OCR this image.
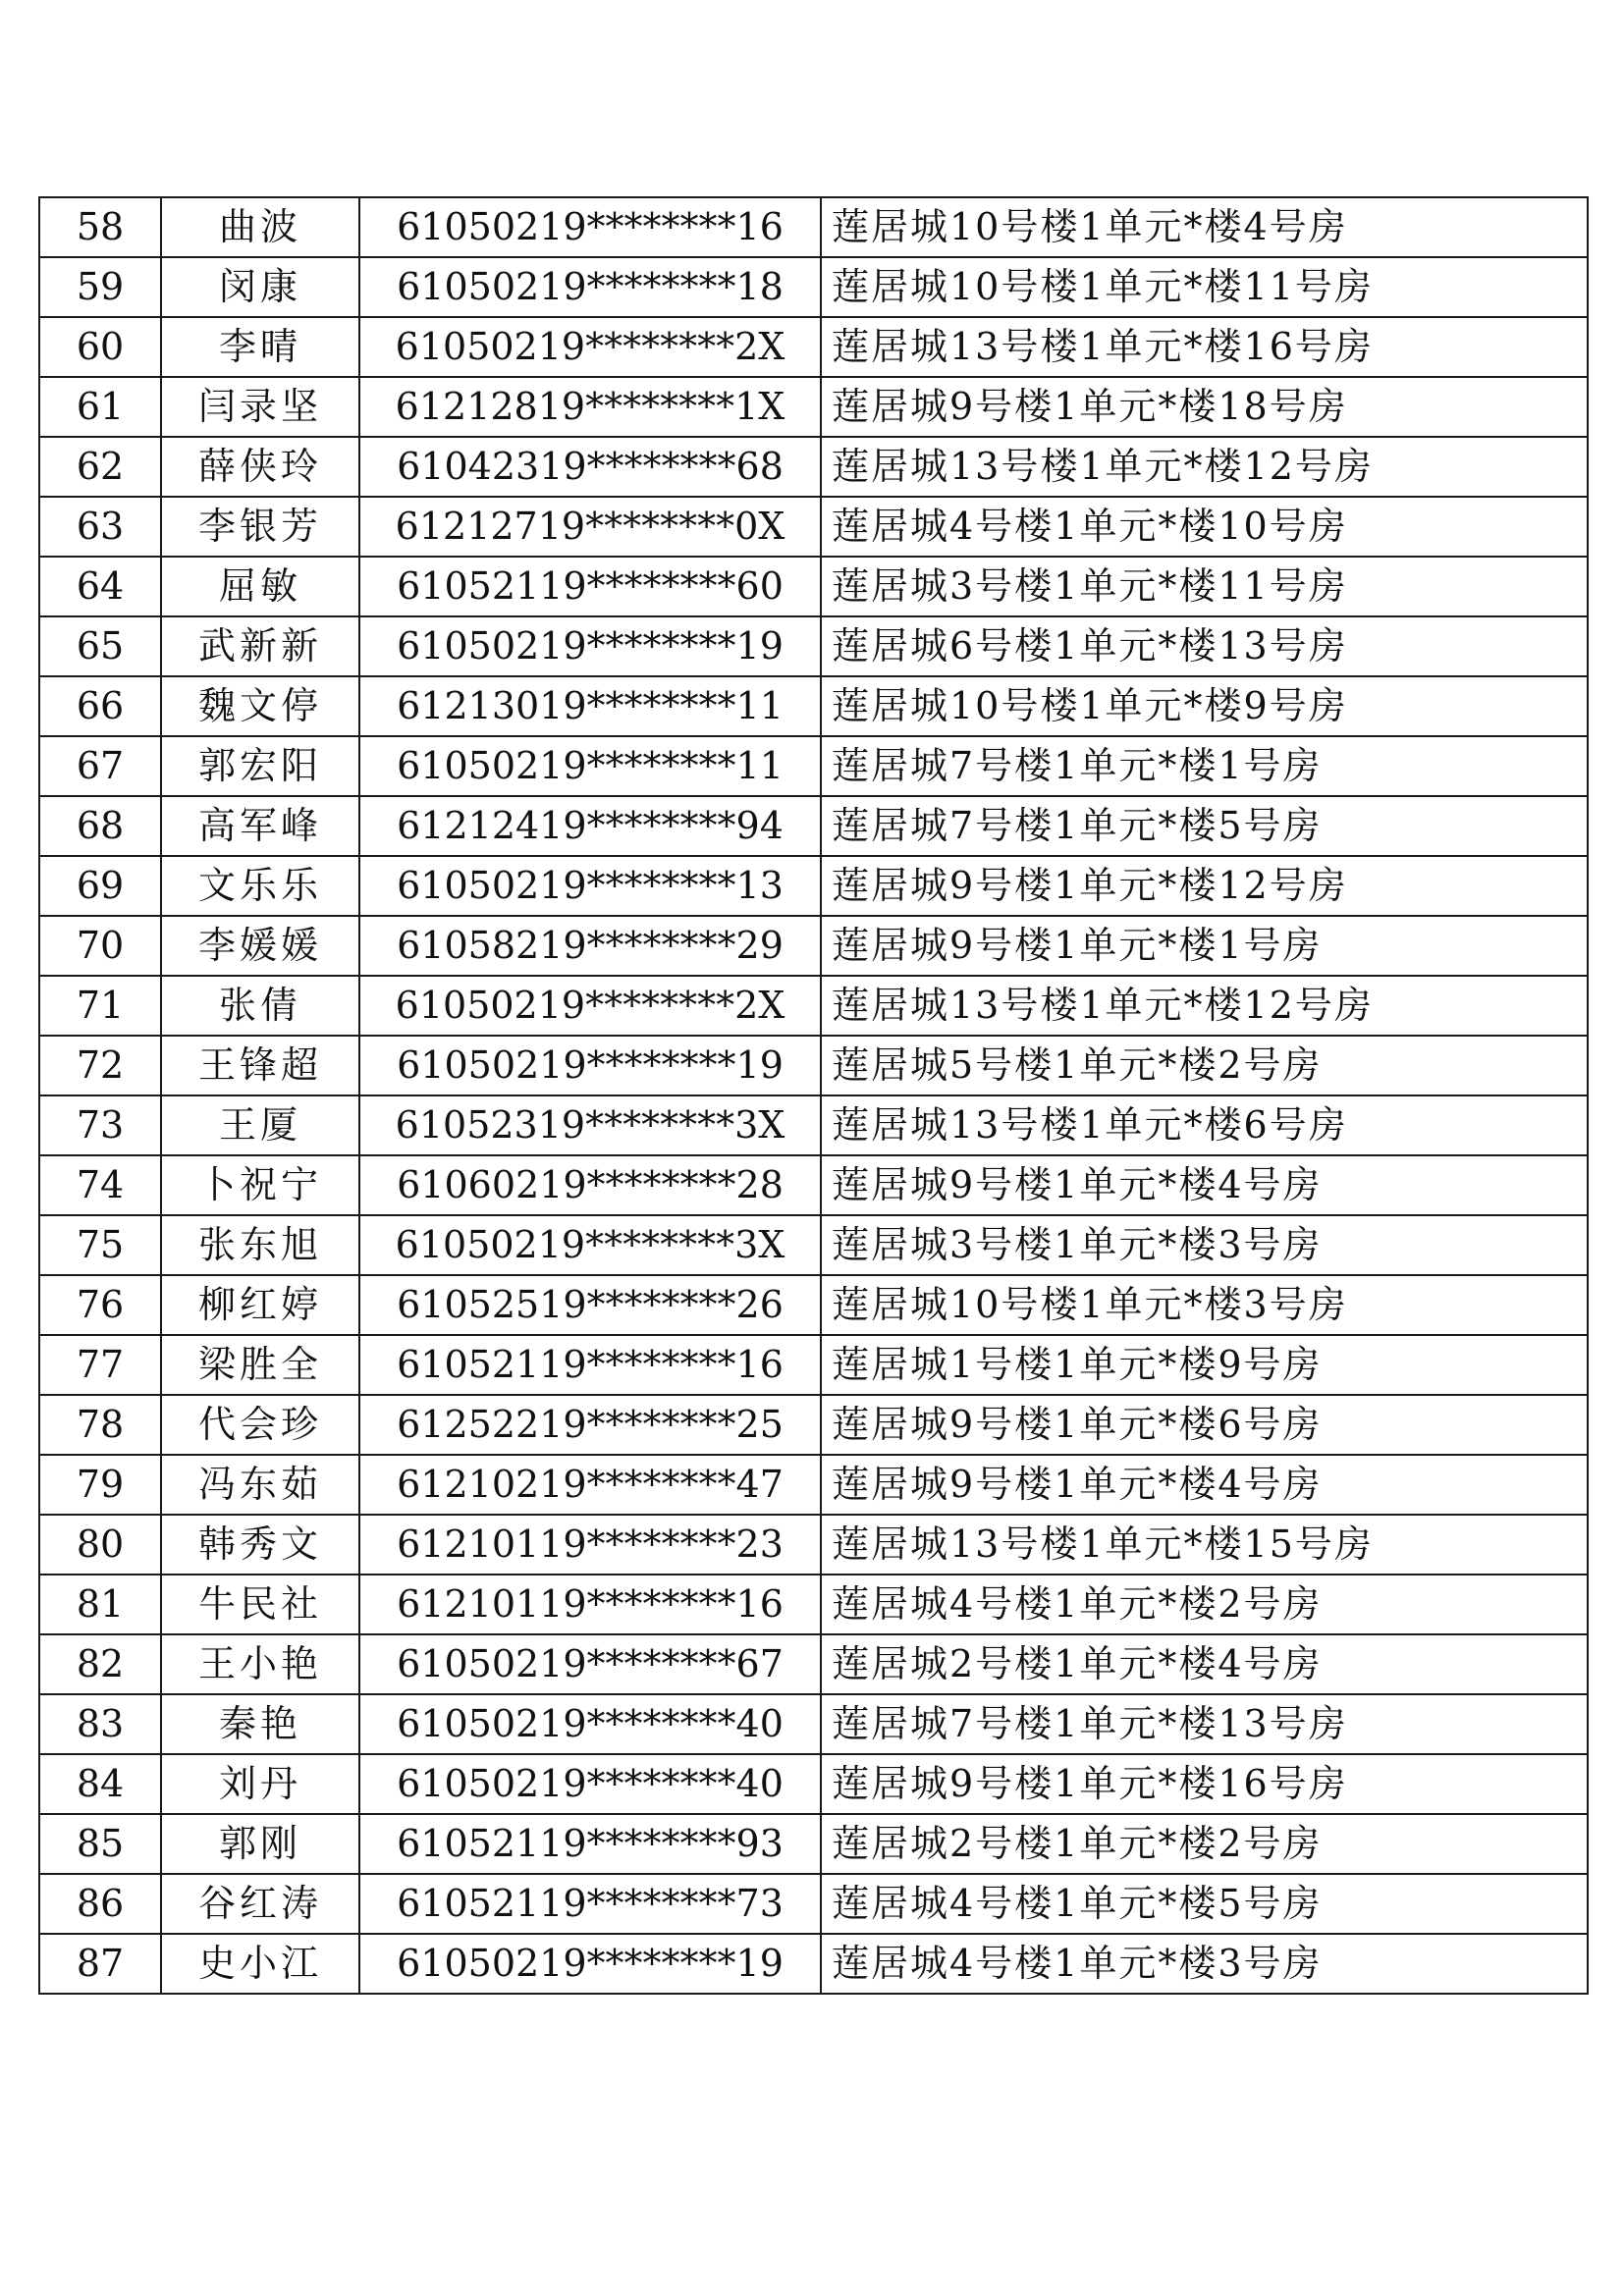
58	曲波	61050219********16	莲居城10号楼1单元*楼4号房
59	闵康	61050219********18	莲居城10号楼1单元*楼11号房
60	李晴	61050219********2X	莲居城13号楼1单元*楼16号房
61	闫录坚	61212819********1X	莲居城9号楼1单元*楼18号房
62	薛侠玲	61042319********68	莲居城13号楼1单元*楼12号房
63	李银芳	61212719********0X	莲居城4号楼1单元*楼10号房
64	屈敏	61052119********60	莲居城3号楼1单元*楼11号房
65	武新新	61050219********19	莲居城6号楼1单元*楼13号房
66	魏文停	61213019********11	莲居城10号楼1单元*楼9号房
67	郭宏阳	61050219********11	莲居城7号楼1单元*楼1号房
68	高军峰	61212419********94	莲居城7号楼1单元*楼5号房
69	文乐乐	61050219********13	莲居城9号楼1单元*楼12号房
70	李媛媛	61058219********29	莲居城9号楼1单元*楼1号房
71	张倩	61050219********2X	莲居城13号楼1单元*楼12号房
72	王锋超	61050219********19	莲居城5号楼1单元*楼2号房
73	王厦	61052319********3X	莲居城13号楼1单元*楼6号房
74	卜祝宁	61060219********28	莲居城9号楼1单元*楼4号房
75	张东旭	61050219********3X	莲居城3号楼1单元*楼3号房
76	柳红婷	61052519********26	莲居城10号楼1单元*楼3号房
77	梁胜全	61052119********16	莲居城1号楼1单元*楼9号房
78	代会珍	61252219********25	莲居城9号楼1单元*楼6号房
79	冯东茹	61210219********47	莲居城9号楼1单元*楼4号房
80	韩秀文	61210119********23	莲居城13号楼1单元*楼15号房
81	牛民社	61210119********16	莲居城4号楼1单元*楼2号房
82	王小艳	61050219********67	莲居城2号楼1单元*楼4号房
83	秦艳	61050219********40	莲居城7号楼1单元*楼13号房
84	刘丹	61050219********40	莲居城9号楼1单元*楼16号房
85	郭刚	61052119********93	莲居城2号楼1单元*楼2号房
86	谷红涛	61052119********73	莲居城4号楼1单元*楼5号房
87	史小江	61050219********19	莲居城4号楼1单元*楼3号房
